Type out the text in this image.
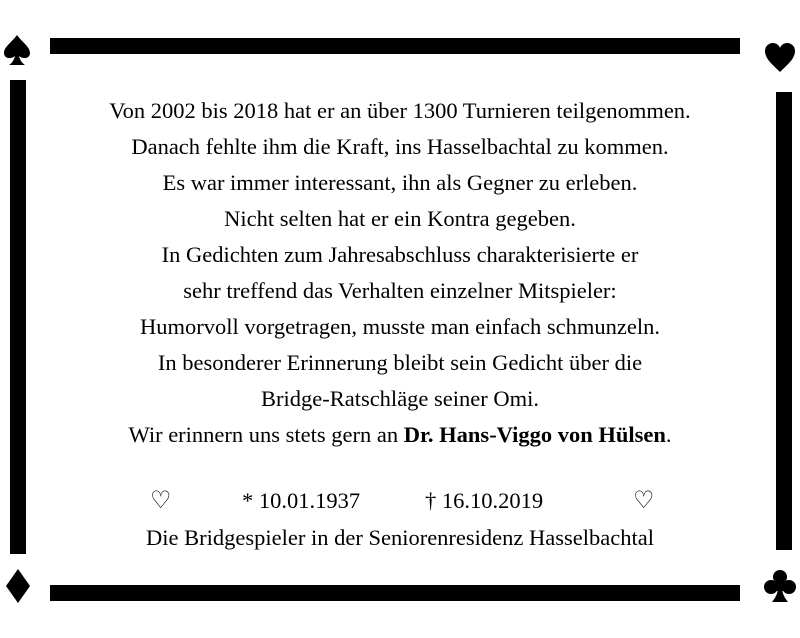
Von 2002 bis 2018 hat er an über 1300 Turnieren teilgenommen.
Danach fehlte ihm die Kraft, ins Hasselbachtal zu kommen.
Es war immer interessant, ihn als Gegner zu erleben.
Nicht selten hat er ein Kontra gegeben.
In Gedichten zum Jahresabschluss charakterisierte er
sehr treffend das Verhalten einzelner Mitspieler:
Humorvoll vorgetragen, musste man einfach schmunzeln.
In besonderer Erinnerung bleibt sein Gedicht über die
Bridge-Ratschläge seiner Omi.
Wir erinnern uns stets gern an Dr. Hans-Viggo von Hülsen.
♡	* 10.01.1937	† 16.10.2019	♡
Die Bridgespieler in der Seniorenresidenz Hasselbachtal
